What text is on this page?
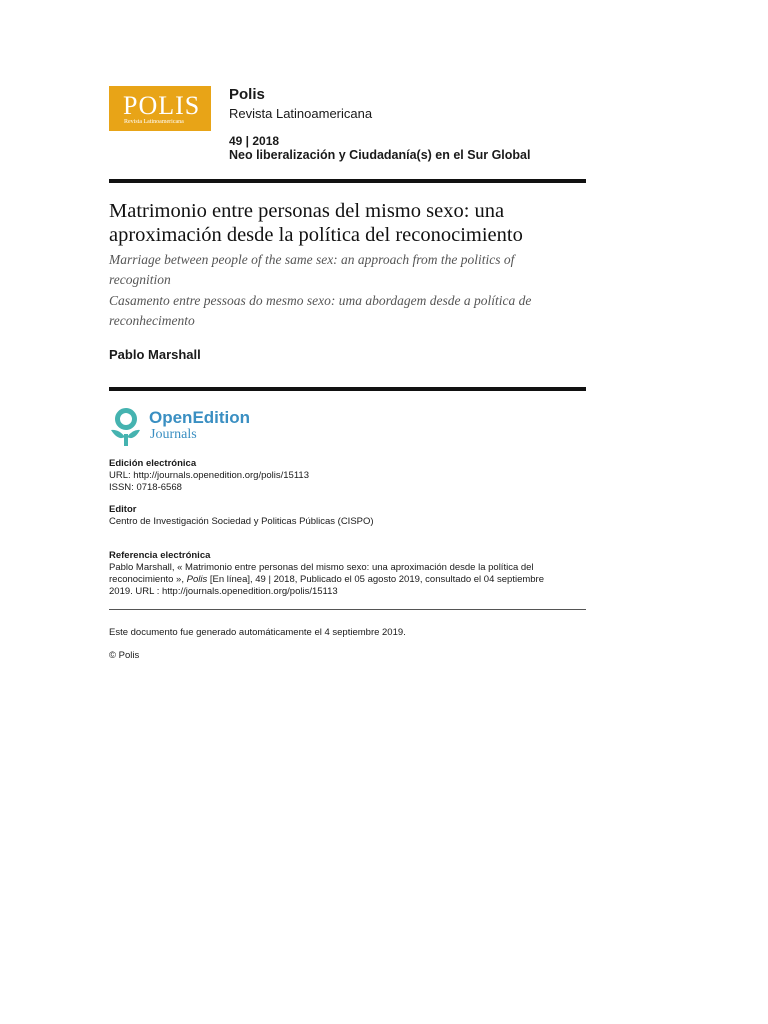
POLIS
Revista Latinoamericana
Polis
Revista Latinoamericana
49 | 2018
Neo liberalización y Ciudadanía(s) en el Sur Global
Matrimonio entre personas del mismo sexo: una
aproximación desde la política del reconocimiento

Marriage between people of the same sex: an approach from the politics of
recognition

Casamento entre pessoas do mesmo sexo: uma abordagem desde a política de
reconhecimento

Pablo Marshall
OpenEdition
Journals
Edición electrónica
URL: http://journals.openedition.org/polis/15113
ISSN: 0718-6568
Editor
Centro de Investigación Sociedad y Politicas Públicas (CISPO)
Referencia electrónica
Pablo Marshall, « Matrimonio entre personas del mismo sexo: una aproximación desde la política del
reconocimiento », Polis [En línea], 49 | 2018, Publicado el 05 agosto 2019, consultado el 04 septiembre
2019. URL : http://journals.openedition.org/polis/15113
Este documento fue generado automáticamente el 4 septiembre 2019.
© Polis
